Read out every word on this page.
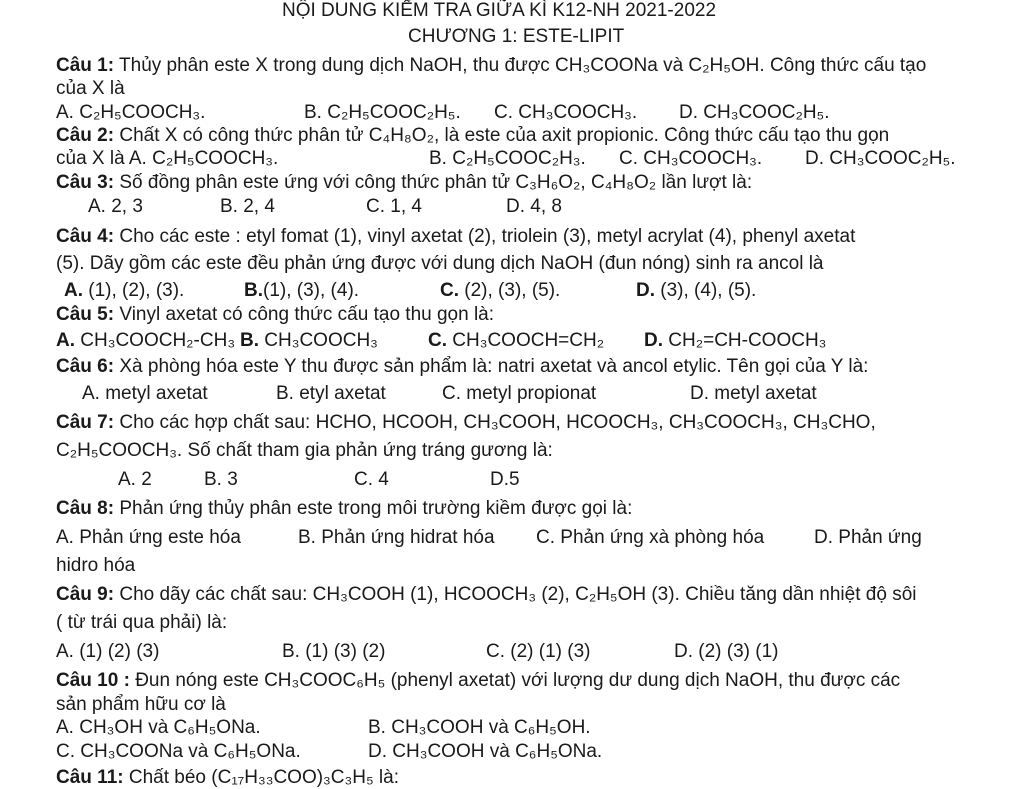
NỘI DUNG KIỂM TRA GIỮA KÌ K12-NH 2021-2022
CHƯƠNG 1: ESTE-LIPIT
Câu 1: Thủy phân este X trong dung dịch NaOH, thu được CH₃COONa và C₂H₅OH. Công thức cấu tạo
của X là
A. C₂H₅COOCH₃.	B. C₂H₅COOC₂H₅. C. CH₃COOCH₃. D. CH₃COOC₂H₅.
Câu 2: Chất X có công thức phân tử C₄H₈O₂, là este của axit propionic. Công thức cấu tạo thu gọn
của X là A. C₂H₅COOCH₃.	B. C₂H₅COOC₂H₃. C. CH₃COOCH₃. D. CH₃COOC₂H₅.
Câu 3: Số đồng phân este ứng với công thức phân tử C₃H₆O₂, C₄H₈O₂ lần lượt là:
A. 2, 3	B. 2, 4	C. 1, 4	D. 4, 8
Câu 4: Cho các este : etyl fomat (1), vinyl axetat (2), triolein (3), metyl acrylat (4), phenyl axetat
(5). Dãy gồm các este đều phản ứng được với dung dịch NaOH (đun nóng) sinh ra ancol là
A. (1), (2), (3).	B.(1), (3), (4).	C. (2), (3), (5).	D. (3), (4), (5).
Câu 5: Vinyl axetat có công thức cấu tạo thu gọn là:
A. CH₃COOCH₂-CH₃ B. CH₃COOCH₃	C. CH₃COOCH=CH₂ D. CH₂=CH-COOCH₃
Câu 6: Xà phòng hóa este Y thu được sản phẩm là: natri axetat và ancol etylic. Tên gọi của Y là:
A. metyl axetat	B. etyl axetat	C. metyl propionat	D. metyl axetat
Câu 7: Cho các hợp chất sau: HCHO, HCOOH, CH₃COOH, HCOOCH₃, CH₃COOCH₃, CH₃CHO,
C₂H₅COOCH₃. Số chất tham gia phản ứng tráng gương là:
A. 2	B. 3	C. 4	D.5
Câu 8: Phản ứng thủy phân este trong môi trường kiềm được gọi là:
A. Phản ứng este hóa	B. Phản ứng hidrat hóa C. Phản ứng xà phòng hóa	D. Phản ứng
hidro hóa
Câu 9: Cho dãy các chất sau: CH₃COOH (1), HCOOCH₃ (2), C₂H₅OH (3). Chiều tăng dần nhiệt độ sôi
( từ trái qua phải) là:
A. (1) (2) (3)	B. (1) (3) (2)	C. (2) (1) (3)	D. (2) (3) (1)
Câu 10 : Đun nóng este CH₃COOC₆H₅ (phenyl axetat) với lượng dư dung dịch NaOH, thu được các
sản phẩm hữu cơ là
A. CH₃OH và C₆H₅ONa.	B. CH₃COOH và C₆H₅OH.
C. CH₃COONa và C₆H₅ONa.	D. CH₃COOH và C₆H₅ONa.
Câu 11: Chất béo (C₁₇H₃₃COO)₃C₃H₅ là:
